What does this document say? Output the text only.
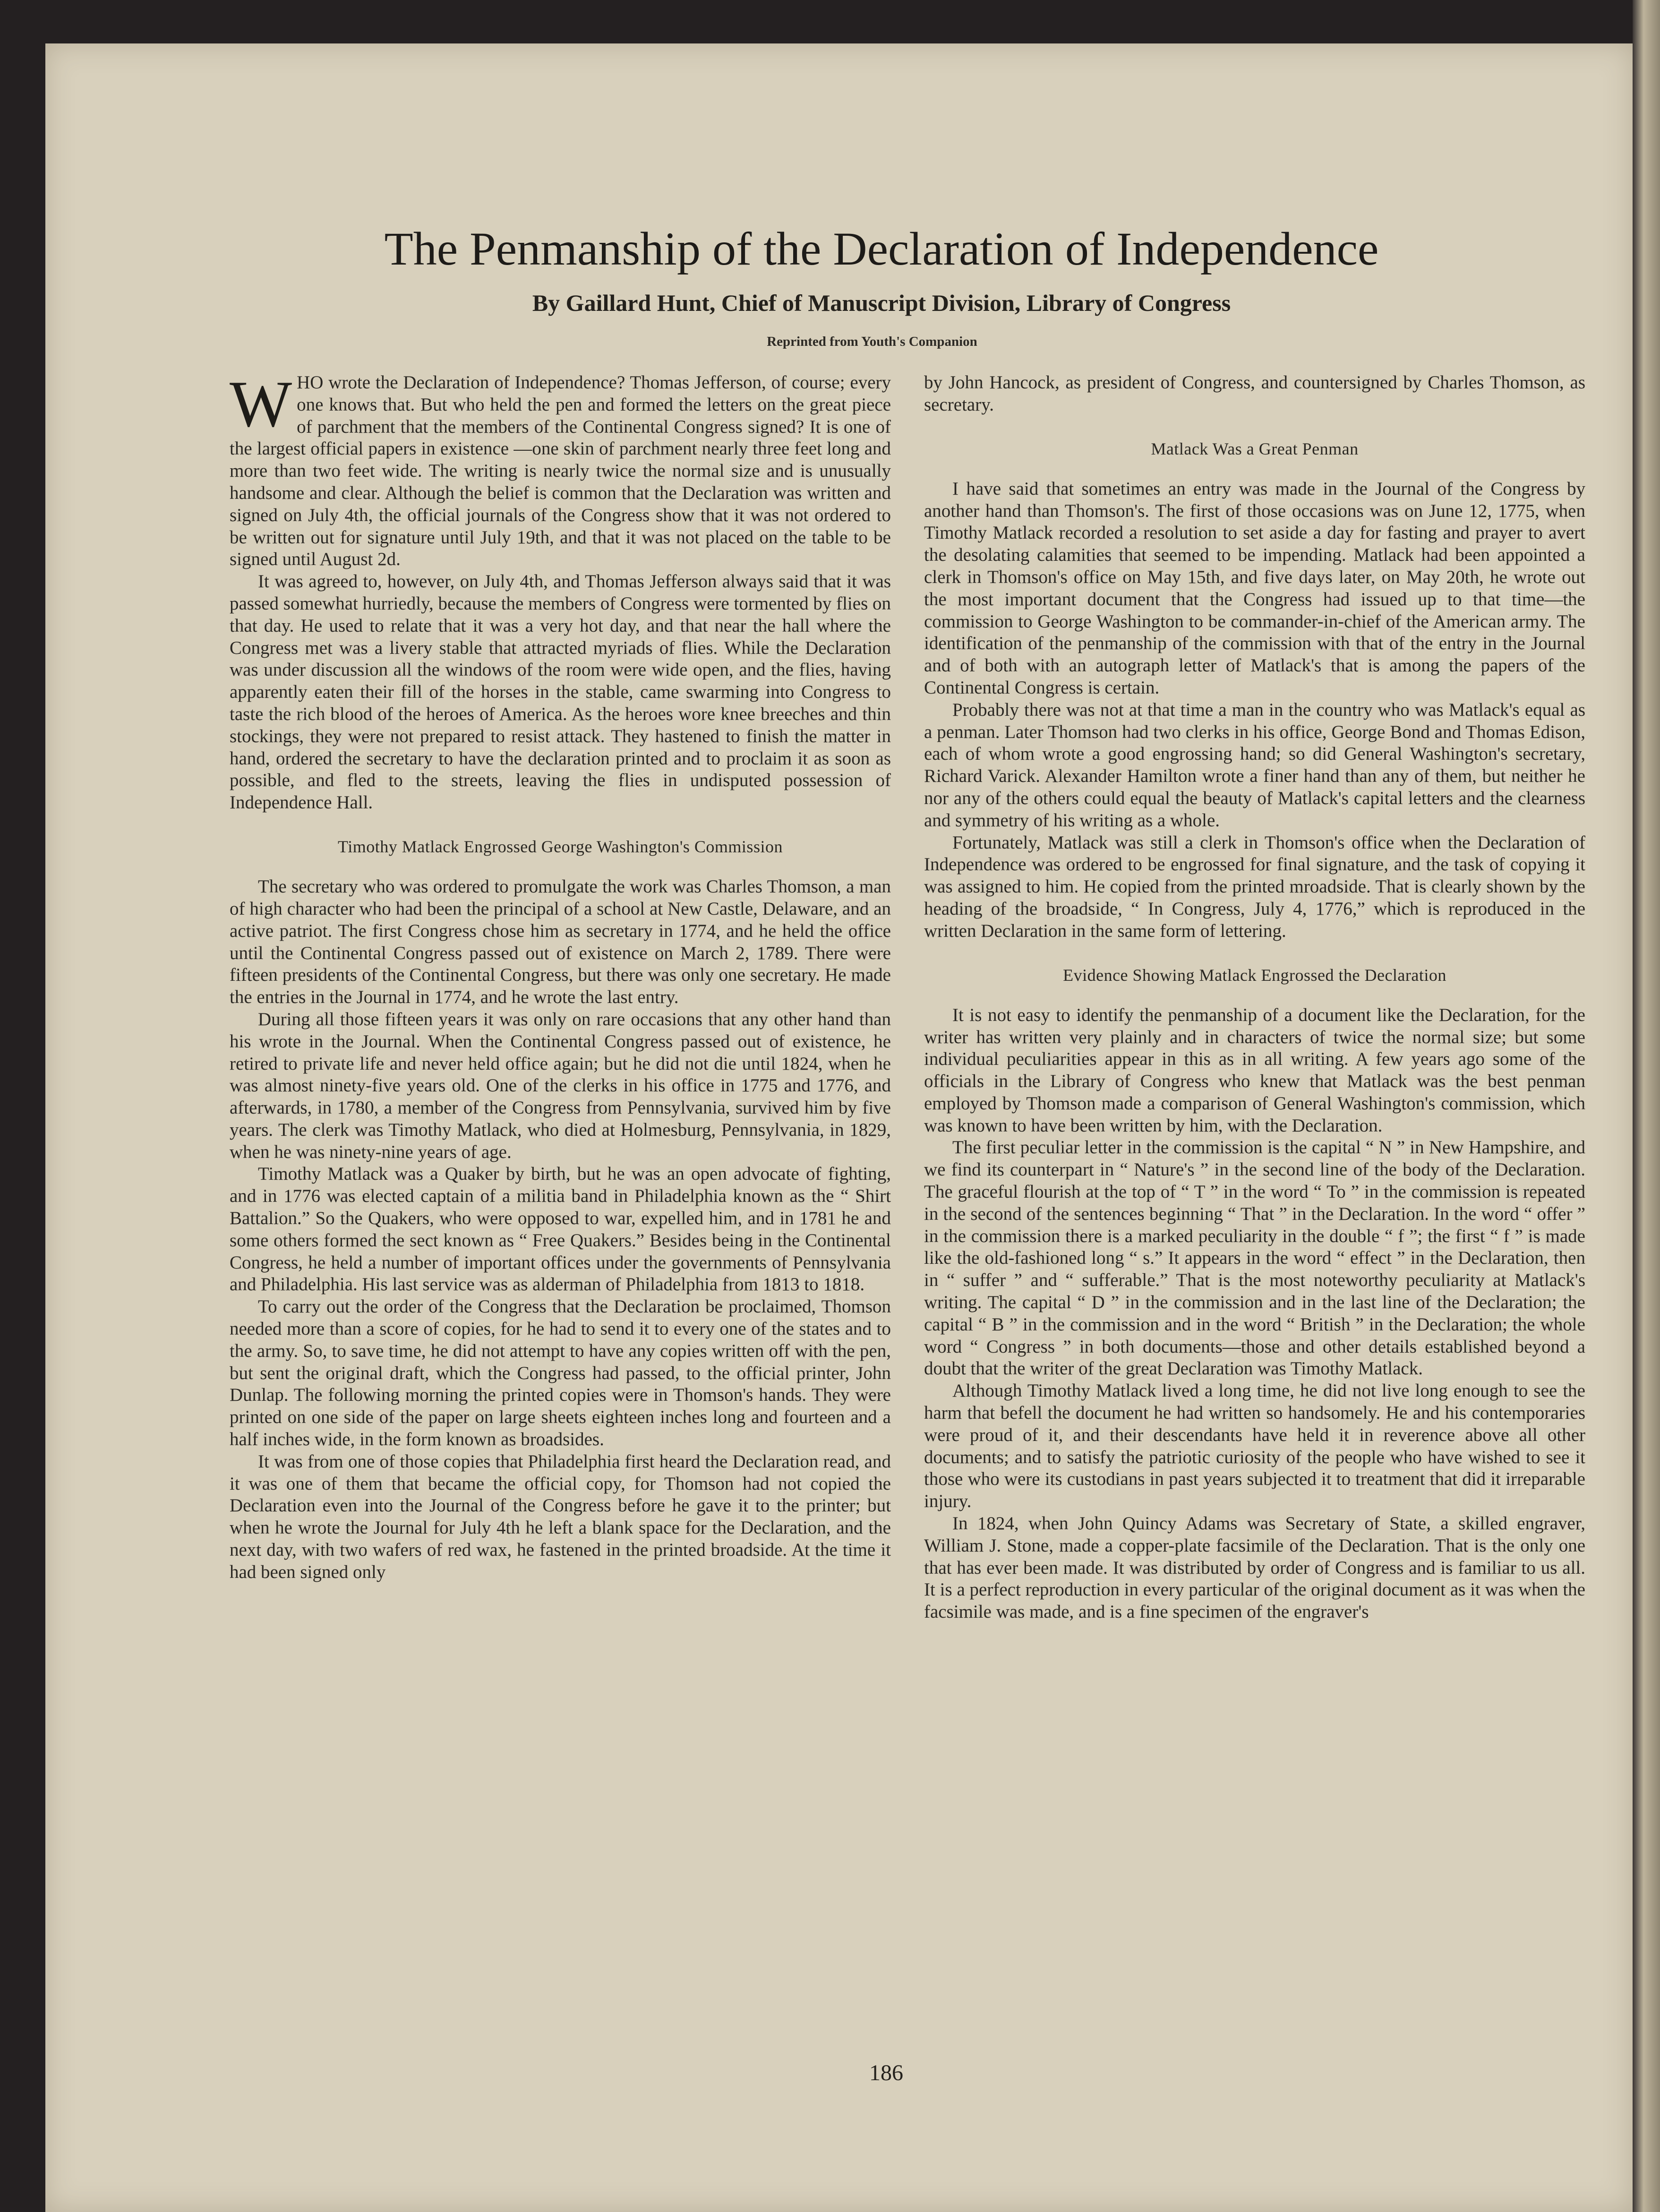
The Penmanship of the Declaration of Independence

By Gaillard Hunt, Chief of Manuscript Division, Library of Congress

Reprinted from Youth's Companion

WHO wrote the Declaration of Independence? Thomas Jefferson, of course; every one knows that. But who held the pen and formed the letters on the great piece of parchment that the members of the Continental Congress signed? It is one of the largest official papers in existence —one skin of parchment nearly three feet long and more than two feet wide. The writing is nearly twice the normal size and is unusually handsome and clear. Although the belief is common that the Declaration was written and signed on July 4th, the official journals of the Congress show that it was not ordered to be written out for signature until July 19th, and that it was not placed on the table to be signed until August 2d.

It was agreed to, however, on July 4th, and Thomas Jefferson always said that it was passed somewhat hurriedly, because the members of Congress were tormented by flies on that day. He used to relate that it was a very hot day, and that near the hall where the Congress met was a livery stable that attracted myriads of flies. While the Declaration was under discussion all the windows of the room were wide open, and the flies, having apparently eaten their fill of the horses in the stable, came swarming into Congress to taste the rich blood of the heroes of America. As the heroes wore knee breeches and thin stockings, they were not prepared to resist attack. They hastened to finish the matter in hand, ordered the secretary to have the declaration printed and to proclaim it as soon as possible, and fled to the streets, leaving the flies in undisputed possession of Independence Hall.

Timothy Matlack Engrossed George Washington's Commission

The secretary who was ordered to promulgate the work was Charles Thomson, a man of high character who had been the principal of a school at New Castle, Delaware, and an active patriot. The first Congress chose him as secretary in 1774, and he held the office until the Continental Congress passed out of existence on March 2, 1789. There were fifteen presidents of the Continental Congress, but there was only one secretary. He made the entries in the Journal in 1774, and he wrote the last entry.

During all those fifteen years it was only on rare occasions that any other hand than his wrote in the Journal. When the Continental Congress passed out of existence, he retired to private life and never held office again; but he did not die until 1824, when he was almost ninety-five years old. One of the clerks in his office in 1775 and 1776, and afterwards, in 1780, a member of the Congress from Pennsylvania, survived him by five years. The clerk was Timothy Matlack, who died at Holmesburg, Pennsylvania, in 1829, when he was ninety-nine years of age.

Timothy Matlack was a Quaker by birth, but he was an open advocate of fighting, and in 1776 was elected captain of a militia band in Philadelphia known as the “ Shirt Battalion.” So the Quakers, who were opposed to war, expelled him, and in 1781 he and some others formed the sect known as “ Free Quakers.” Besides being in the Continental Congress, he held a number of important offices under the governments of Pennsylvania and Philadelphia. His last service was as alderman of Philadelphia from 1813 to 1818.

To carry out the order of the Congress that the Declaration be proclaimed, Thomson needed more than a score of copies, for he had to send it to every one of the states and to the army. So, to save time, he did not attempt to have any copies written off with the pen, but sent the original draft, which the Congress had passed, to the official printer, John Dunlap. The following morning the printed copies were in Thomson's hands. They were printed on one side of the paper on large sheets eighteen inches long and fourteen and a half inches wide, in the form known as broadsides.

It was from one of those copies that Philadelphia first heard the Declaration read, and it was one of them that became the official copy, for Thomson had not copied the Declaration even into the Journal of the Congress before he gave it to the printer; but when he wrote the Journal for July 4th he left a blank space for the Declaration, and the next day, with two wafers of red wax, he fastened in the printed broadside. At the time it had been signed only

by John Hancock, as president of Congress, and countersigned by Charles Thomson, as secretary.

Matlack Was a Great Penman

I have said that sometimes an entry was made in the Journal of the Congress by another hand than Thomson's. The first of those occasions was on June 12, 1775, when Timothy Matlack recorded a resolution to set aside a day for fasting and prayer to avert the desolating calamities that seemed to be impending. Matlack had been appointed a clerk in Thomson's office on May 15th, and five days later, on May 20th, he wrote out the most important document that the Congress had issued up to that time—the commission to George Washington to be commander-in-chief of the American army. The identification of the penmanship of the commission with that of the entry in the Journal and of both with an autograph letter of Matlack's that is among the papers of the Continental Congress is certain.

Probably there was not at that time a man in the country who was Matlack's equal as a penman. Later Thomson had two clerks in his office, George Bond and Thomas Edison, each of whom wrote a good engrossing hand; so did General Washington's secretary, Richard Varick. Alexander Hamilton wrote a finer hand than any of them, but neither he nor any of the others could equal the beauty of Matlack's capital letters and the clearness and symmetry of his writing as a whole.

Fortunately, Matlack was still a clerk in Thomson's office when the Declaration of Independence was ordered to be engrossed for final signature, and the task of copying it was assigned to him. He copied from the printed mroadside. That is clearly shown by the heading of the broadside, “ In Congress, July 4, 1776,” which is reproduced in the written Declaration in the same form of lettering.

Evidence Showing Matlack Engrossed the Declaration

It is not easy to identify the penmanship of a document like the Declaration, for the writer has written very plainly and in characters of twice the normal size; but some individual peculiarities appear in this as in all writing. A few years ago some of the officials in the Library of Congress who knew that Matlack was the best penman employed by Thomson made a comparison of General Washington's commission, which was known to have been written by him, with the Declaration.

The first peculiar letter in the commission is the capital “ N ” in New Hampshire, and we find its counterpart in “ Nature's ” in the second line of the body of the Declaration. The graceful flourish at the top of “ T ” in the word “ To ” in the commission is repeated in the second of the sentences beginning “ That ” in the Declaration. In the word “ offer ” in the commission there is a marked peculiarity in the double “ f ”; the first “ f ” is made like the old-fashioned long “ s.” It appears in the word “ effect ” in the Declaration, then in “ suffer ” and “ sufferable.” That is the most noteworthy peculiarity at Matlack's writing. The capital “ D ” in the commission and in the last line of the Declaration; the capital “ B ” in the commission and in the word “ British ” in the Declaration; the whole word “ Congress ” in both documents—those and other details established beyond a doubt that the writer of the great Declaration was Timothy Matlack.

Although Timothy Matlack lived a long time, he did not live long enough to see the harm that befell the document he had written so handsomely. He and his contemporaries were proud of it, and their descendants have held it in reverence above all other documents; and to satisfy the patriotic curiosity of the people who have wished to see it those who were its custodians in past years subjected it to treatment that did it irreparable injury.

In 1824, when John Quincy Adams was Secretary of State, a skilled engraver, William J. Stone, made a copper-plate facsimile of the Declaration. That is the only one that has ever been made. It was distributed by order of Congress and is familiar to us all. It is a perfect reproduction in every particular of the original document as it was when the facsimile was made, and is a fine specimen of the engraver's

186
